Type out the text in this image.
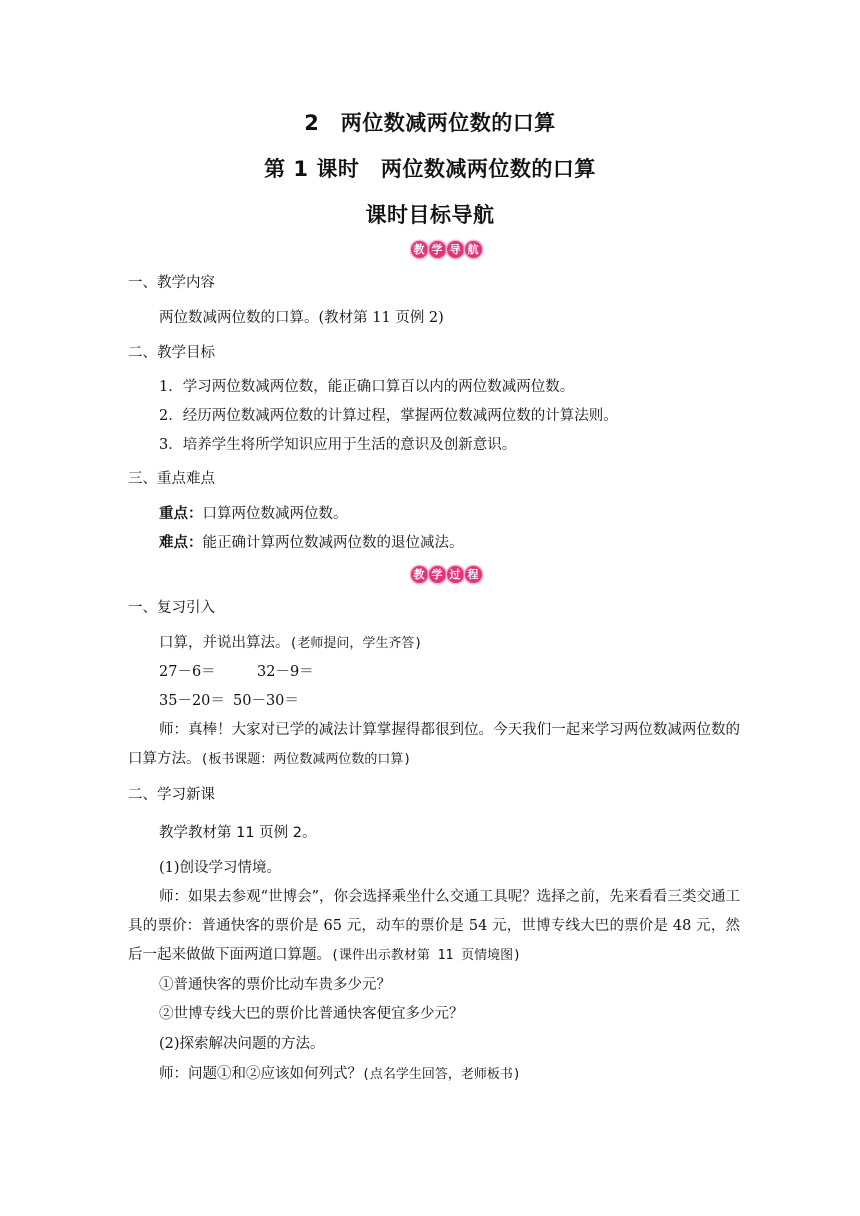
2　两位数减两位数的口算
第 1 课时　两位数减两位数的口算
课时目标导航
教 学 导 航
一、教学内容
两位数减两位数的口算。(教材第 11 页例 2)
二、教学目标
1．学习两位数减两位数，能正确口算百以内的两位数减两位数。
2．经历两位数减两位数的计算过程，掌握两位数减两位数的计算法则。
3．培养学生将所学知识应用于生活的意识及创新意识。
三、重点难点
重点：口算两位数减两位数。
难点：能正确计算两位数减两位数的退位减法。
教 学 过 程
一、复习引入
口算，并说出算法。(老师提问，学生齐答)
27－6＝	32－9＝
35－20＝ 50－30＝
师：真棒！大家对已学的减法计算掌握得都很到位。今天我们一起来学习两位数减两位数的口算方法。(板书课题：两位数减两位数的口算)
二、学习新课
教学教材第 11 页例 2。
(1)创设学习情境。
师：如果去参观“世博会”，你会选择乘坐什么交通工具呢？选择之前，先来看看三类交通工具的票价：普通快客的票价是 65 元，动车的票价是 54 元，世博专线大巴的票价是 48 元，然后一起来做做下面两道口算题。(课件出示教材第 11 页情境图)
①普通快客的票价比动车贵多少元？
②世博专线大巴的票价比普通快客便宜多少元？
(2)探索解决问题的方法。
师：问题①和②应该如何列式？(点名学生回答，老师板书)
